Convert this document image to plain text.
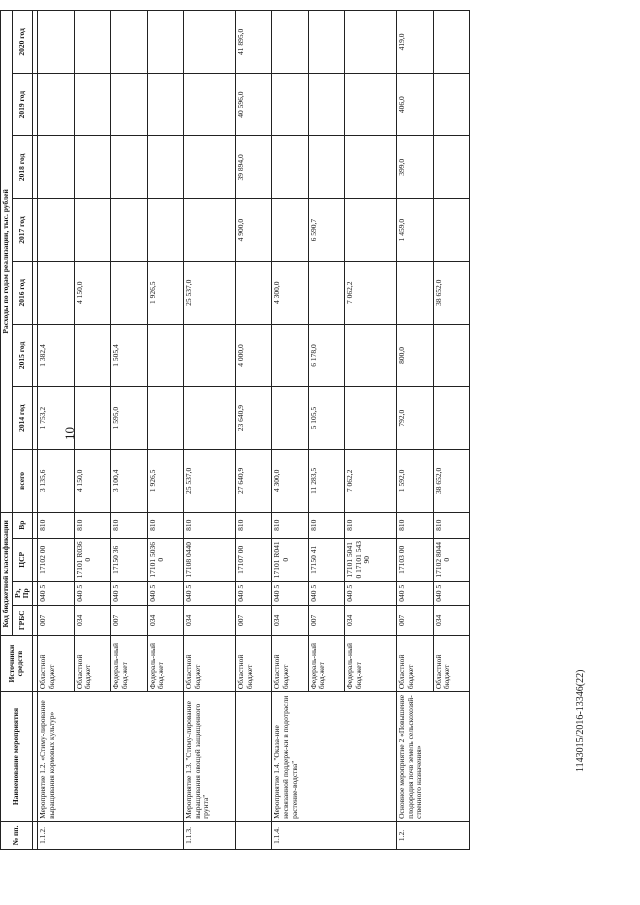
10
1143015/2016-13346(22)
№ пп.	Наименование мероприятия	Источники средств	Код бюджетной классификации				Расходы по годам реализации, тыс. рублей							
			ГРБС	Рз, Пр	ЦСР	Вр	всего	2014 год	2015 год	2016 год	2017 год	2018 год	2019 год	2020 год

1.1.2.	Мероприятие 1.2. «Стиму-лирование выращивания кормовых культур»	Областной бюджет	007	040 5	17102 00	810	3 135,6	1 753,2	1 382,4					
		Областной бюджет	034	040 5	17101 R0360	810	4 150,0			4 150,0				
		Федераль-ный бюд-жет	007	040 5	17150 36	810	3 100,4	1 595,0	1 505,4					
		Федераль-ный бюд-жет	034	040 5	17101 50360	810	1 926,5			1 926,5				
1.1.3.	Мероприятие 1.3. "Стиму-лирование выращивания овощей защищенного грунта"	Областной бюджет	034	040 5	17108 0440	810	25 537,0			25 537,0				
		Областной бюджет	007	040 5	17107 00	810	27 640,9	23 640,9	4 000,0		4 900,0	39 894,0	40 596,0	41 895,0
1.1.4.	Мероприятие 1.4. "Оказа-ние несвязанной поддерж-ки в подотрасли растение-водства"	Областной бюджет	034	040 5	17101 R0410	810	4 300,0			4 300,0				
		Федераль-ный бюд-жет	007	040 5	17150 41	810	11 283,5	5 105,5	6 178,0		6 590,7			
		Федераль-ный бюд-жет	034	040 5	17101 50410 17101 54390	810	7 062,2			7 062,2				
1.2.	Основное мероприятие 2 «Повышение плодородия почв земель сельскохозяй-ственного назначения»	Областной бюджет	007	040 5	17103 00	810	1 592,0	792,0	800,0		1 459,0	399,0	406,0	419,0
		Областной бюджет	034	040 5	17102 80440	810	38 652,0			38 652,0				
